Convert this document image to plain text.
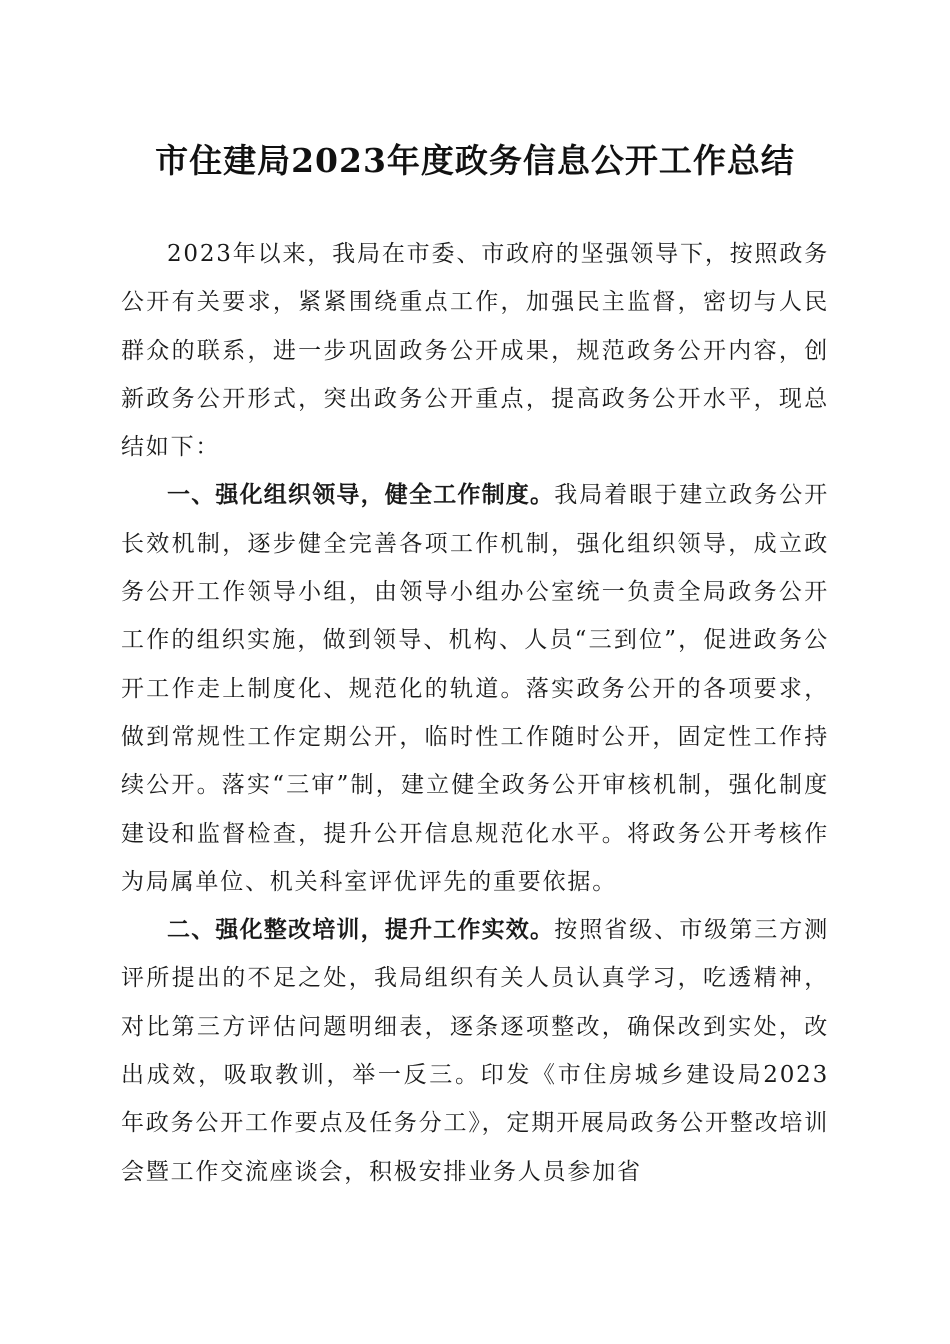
市住建局2023年度政务信息公开工作总结

2023年以来，我局在市委、市政府的坚强领导下，按照政务公开有关要求，紧紧围绕重点工作，加强民主监督，密切与人民群众的联系，进一步巩固政务公开成果，规范政务公开内容，创新政务公开形式，突出政务公开重点，提高政务公开水平，现总结如下：

一、强化组织领导，健全工作制度。我局着眼于建立政务公开长效机制，逐步健全完善各项工作机制，强化组织领导，成立政务公开工作领导小组，由领导小组办公室统一负责全局政务公开工作的组织实施，做到领导、机构、人员“三到位”，促进政务公开工作走上制度化、规范化的轨道。落实政务公开的各项要求，做到常规性工作定期公开，临时性工作随时公开，固定性工作持续公开。落实“三审”制，建立健全政务公开审核机制，强化制度建设和监督检查，提升公开信息规范化水平。将政务公开考核作为局属单位、机关科室评优评先的重要依据。

二、强化整改培训，提升工作实效。按照省级、市级第三方测评所提出的不足之处，我局组织有关人员认真学习，吃透精神，对比第三方评估问题明细表，逐条逐项整改，确保改到实处，改出成效，吸取教训，举一反三。印发《市住房城乡建设局2023年政务公开工作要点及任务分工》，定期开展局政务公开整改培训会暨工作交流座谈会，积极安排业务人员参加省
